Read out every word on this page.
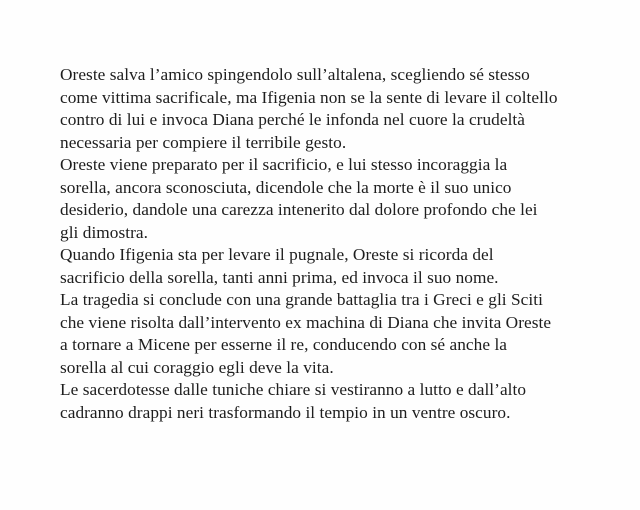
Oreste salva l’amico spingendolo sull’altalena, scegliendo sé stesso
come vittima sacrificale, ma Ifigenia non se la sente di levare il coltello
contro di lui e invoca Diana perché le infonda nel cuore la crudeltà
necessaria per compiere il terribile gesto.
Oreste viene preparato per il sacrificio, e lui stesso incoraggia la
sorella, ancora sconosciuta, dicendole che la morte è il suo unico
desiderio, dandole una carezza intenerito dal dolore profondo che lei
gli dimostra.
Quando Ifigenia sta per levare il pugnale, Oreste si ricorda del
sacrificio della sorella, tanti anni prima, ed invoca il suo nome.
La tragedia si conclude con una grande battaglia tra i Greci e gli Sciti
che viene risolta dall’intervento ex machina di Diana che invita Oreste
a tornare a Micene per esserne il re, conducendo con sé anche la
sorella al cui coraggio egli deve la vita.
Le sacerdotesse dalle tuniche chiare si vestiranno a lutto e dall’alto
cadranno drappi neri trasformando il tempio in un ventre oscuro.
